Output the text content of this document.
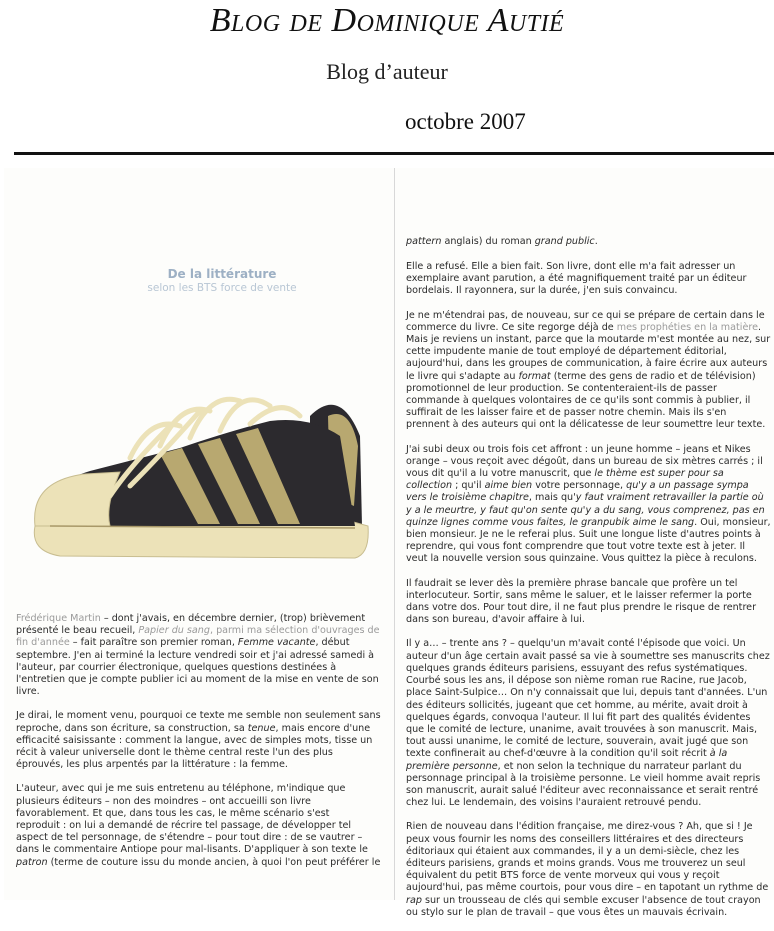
Blog de Dominique Autié
Blog d’auteur
octobre 2007
De la littérature
selon les BTS force de vente

Frédérique Martin – dont j'avais, en décembre dernier, (trop) brièvement
présenté le beau recueil, Papier du sang, parmi ma sélection d'ouvrages de
fin d'année – fait paraître son premier roman, Femme vacante, début
septembre. J'en ai terminé la lecture vendredi soir et j'ai adressé samedi à
l'auteur, par courrier électronique, quelques questions destinées à
l'entretien que je compte publier ici au moment de la mise en vente de son
livre.

Je dirai, le moment venu, pourquoi ce texte me semble non seulement sans
reproche, dans son écriture, sa construction, sa tenue, mais encore d'une
efficacité saisissante : comment la langue, avec de simples mots, tisse un
récit à valeur universelle dont le thème central reste l'un des plus
éprouvés, les plus arpentés par la littérature : la femme.

L'auteur, avec qui je me suis entretenu au téléphone, m'indique que
plusieurs éditeurs – non des moindres – ont accueilli son livre
favorablement. Et que, dans tous les cas, le même scénario s'est
reproduit : on lui a demandé de récrire tel passage, de développer tel
aspect de tel personnage, de s'étendre – pour tout dire : de se vautrer –
dans le commentaire Antiope pour mal-lisants. D'appliquer à son texte le
patron (terme de couture issu du monde ancien, à quoi l'on peut préférer le

pattern anglais) du roman grand public.

Elle a refusé. Elle a bien fait. Son livre, dont elle m'a fait adresser un
exemplaire avant parution, a été magnifiquement traité par un éditeur
bordelais. Il rayonnera, sur la durée, j'en suis convaincu.

Je ne m'étendrai pas, de nouveau, sur ce qui se prépare de certain dans le
commerce du livre. Ce site regorge déjà de mes prophéties en la matière.
Mais je reviens un instant, parce que la moutarde m'est montée au nez, sur
cette impudente manie de tout employé de département éditorial,
aujourd'hui, dans les groupes de communication, à faire écrire aux auteurs
le livre qui s'adapte au format (terme des gens de radio et de télévision)
promotionnel de leur production. Se contenteraient-ils de passer
commande à quelques volontaires de ce qu'ils sont commis à publier, il
suffirait de les laisser faire et de passer notre chemin. Mais ils s'en
prennent à des auteurs qui ont la délicatesse de leur soumettre leur texte.

J'ai subi deux ou trois fois cet affront : un jeune homme – jeans et Nikes
orange – vous reçoit avec dégoût, dans un bureau de six mètres carrés ; il
vous dit qu'il a lu votre manuscrit, que le thème est super pour sa
collection ; qu'il aime bien votre personnage, qu'y a un passage sympa
vers le troisième chapitre, mais qu'y faut vraiment retravailler la partie où
y a le meurtre, y faut qu'on sente qu'y a du sang, vous comprenez, pas en
quinze lignes comme vous faites, le granpubik aime le sang. Oui, monsieur,
bien monsieur. Je ne le referai plus. Suit une longue liste d'autres points à
reprendre, qui vous font comprendre que tout votre texte est à jeter. Il
veut la nouvelle version sous quinzaine. Vous quittez la pièce à reculons.

Il faudrait se lever dès la première phrase bancale que profère un tel
interlocuteur. Sortir, sans même le saluer, et le laisser refermer la porte
dans votre dos. Pour tout dire, il ne faut plus prendre le risque de rentrer
dans son bureau, d'avoir affaire à lui.

Il y a… – trente ans ? – quelqu'un m'avait conté l'épisode que voici. Un
auteur d'un âge certain avait passé sa vie à soumettre ses manuscrits chez
quelques grands éditeurs parisiens, essuyant des refus systématiques.
Courbé sous les ans, il dépose son nième roman rue Racine, rue Jacob,
place Saint-Sulpice… On n'y connaissait que lui, depuis tant d'années. L'un
des éditeurs sollicités, jugeant que cet homme, au mérite, avait droit à
quelques égards, convoqua l'auteur. Il lui fit part des qualités évidentes
que le comité de lecture, unanime, avait trouvées à son manuscrit. Mais,
tout aussi unanime, le comité de lecture, souverain, avait jugé que son
texte confinerait au chef-d'œuvre à la condition qu'il soit récrit à la
première personne, et non selon la technique du narrateur parlant du
personnage principal à la troisième personne. Le vieil homme avait repris
son manuscrit, aurait salué l'éditeur avec reconnaissance et serait rentré
chez lui. Le lendemain, des voisins l'auraient retrouvé pendu.

Rien de nouveau dans l'édition française, me direz-vous ? Ah, que si ! Je
peux vous fournir les noms des conseillers littéraires et des directeurs
éditoriaux qui étaient aux commandes, il y a un demi-siècle, chez les
éditeurs parisiens, grands et moins grands. Vous me trouverez un seul
équivalent du petit BTS force de vente morveux qui vous y reçoit
aujourd'hui, pas même courtois, pour vous dire – en tapotant un rythme de
rap sur un trousseau de clés qui semble excuser l'absence de tout crayon
ou stylo sur le plan de travail – que vous êtes un mauvais écrivain.
